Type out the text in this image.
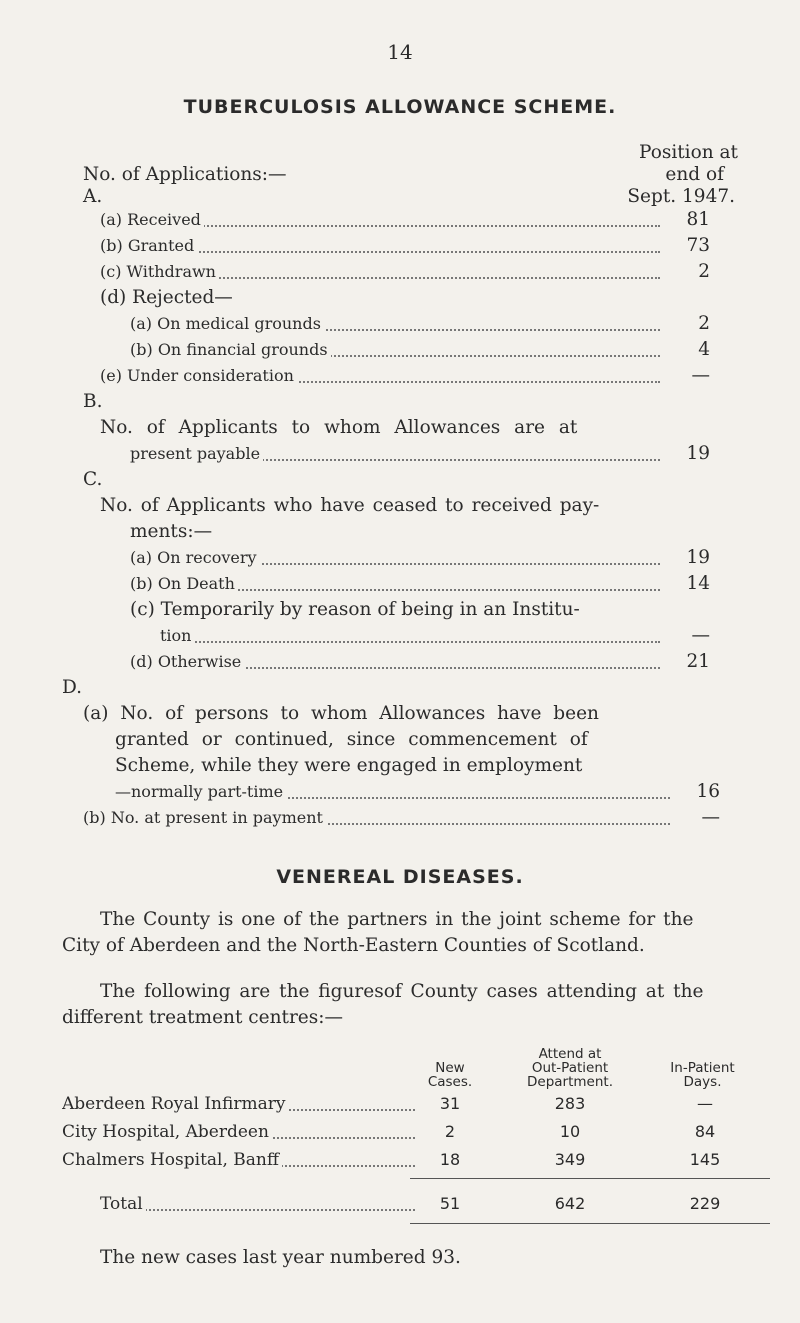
14
TUBERCULOSIS ALLOWANCE SCHEME.
Position at
No. of Applications:—	end of
A.	Sept. 1947.
(a) Received	81
(b) Granted	73
(c) Withdrawn	2
(d) Rejected—
(a) On medical grounds	2
(b) On financial grounds	4
(e) Under consideration	—
B.
No. of Applicants to whom Allowances are at
present payable	19
C.
No. of Applicants who have ceased to received pay-
ments:—
(a) On recovery	19
(b) On Death	14
(c) Temporarily by reason of being in an Institu-
tion	—
(d) Otherwise	21
D.
(a) No. of persons to whom Allowances have been
granted or continued, since commencement of
Scheme, while they were engaged in employment
—normally part-time	16
(b) No. at present in payment	—
VENEREAL DISEASES.
The County is one of the partners in the joint scheme for the
City of Aberdeen and the North-Eastern Counties of Scotland.
The following are the figuresof County cases attending at the
different treatment centres:—
Attend at
New	Out-Patient	In-Patient
Cases.	Department.	Days.
Aberdeen Royal Infirmary	31	283	—
City Hospital, Aberdeen	2	10	84
Chalmers Hospital, Banff	18	349	145
Total	51	642	229
The new cases last year numbered 93.
